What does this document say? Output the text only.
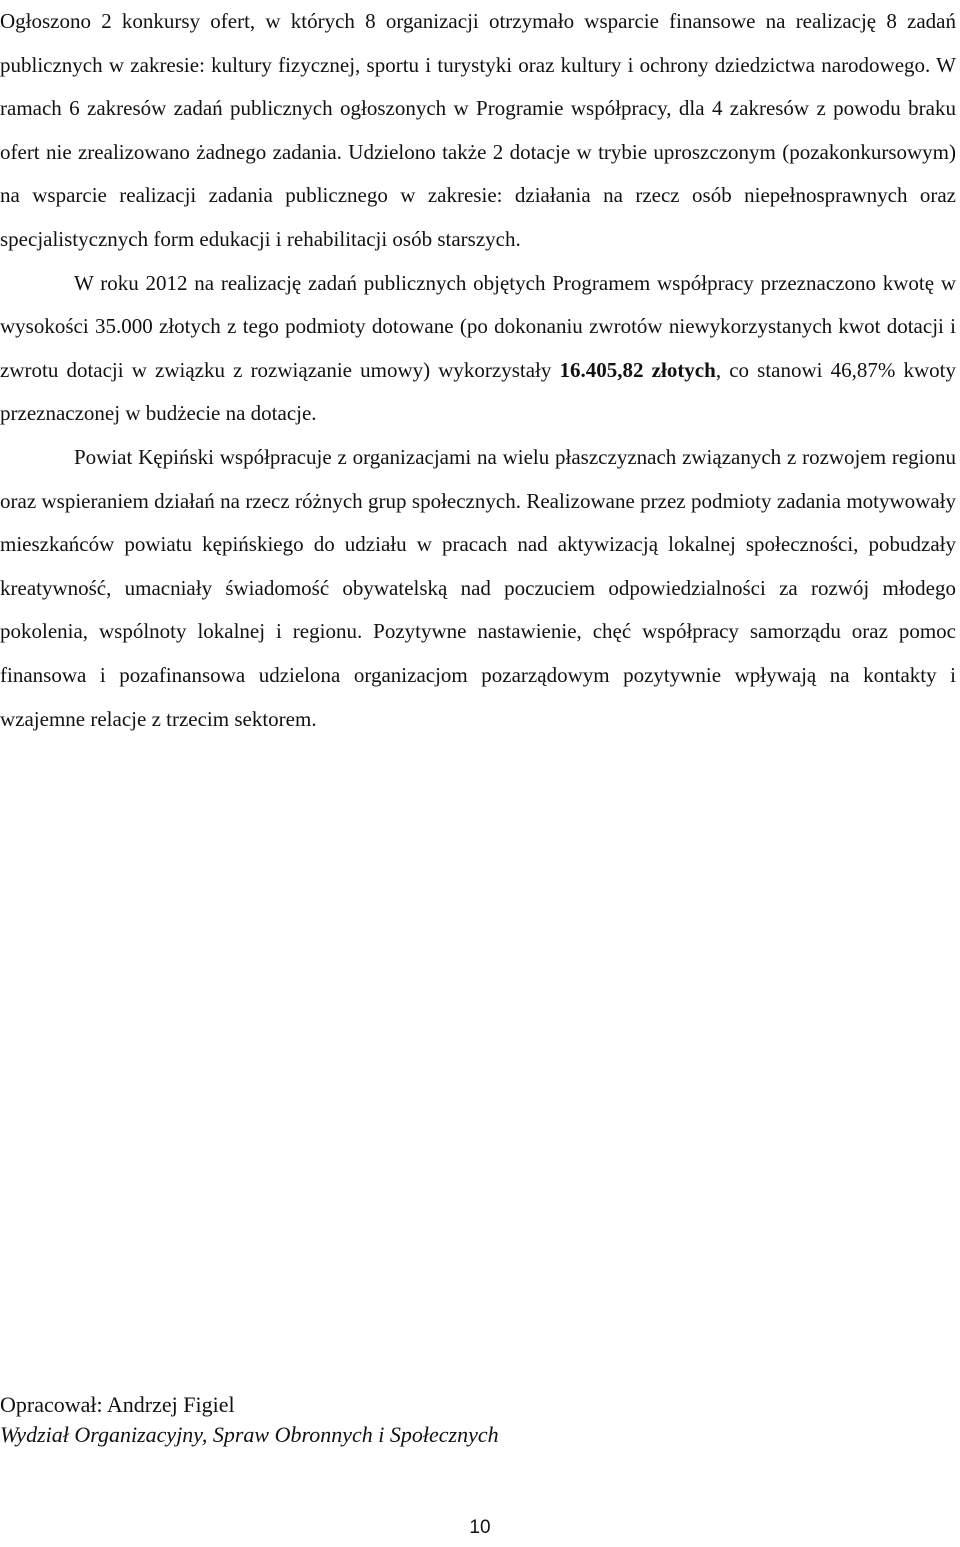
Ogłoszono 2 konkursy ofert, w których 8 organizacji otrzymało wsparcie finansowe na realizację 8 zadań publicznych w zakresie: kultury fizycznej, sportu i turystyki oraz kultury i ochrony dziedzictwa narodowego. W ramach 6 zakresów zadań publicznych ogłoszonych w Programie współpracy, dla 4 zakresów z powodu braku ofert nie zrealizowano żadnego zadania. Udzielono także 2 dotacje w trybie uproszczonym (pozakonkursowym) na wsparcie realizacji zadania publicznego w zakresie: działania na rzecz osób niepełnosprawnych oraz specjalistycznych form edukacji i rehabilitacji osób starszych.

W roku 2012 na realizację zadań publicznych objętych Programem współpracy przeznaczono kwotę w wysokości 35.000 złotych z tego podmioty dotowane (po dokonaniu zwrotów niewykorzystanych kwot dotacji i zwrotu dotacji w związku z rozwiązanie umowy) wykorzystały 16.405,82 złotych, co stanowi 46,87% kwoty przeznaczonej w budżecie na dotacje.

Powiat Kępiński współpracuje z organizacjami na wielu płaszczyznach związanych z rozwojem regionu oraz wspieraniem działań na rzecz różnych grup społecznych. Realizowane przez podmioty zadania motywowały mieszkańców powiatu kępińskiego do udziału w pracach nad aktywizacją lokalnej społeczności, pobudzały kreatywność, umacniały świadomość obywatelską nad poczuciem odpowiedzialności za rozwój młodego pokolenia, wspólnoty lokalnej i regionu. Pozytywne nastawienie, chęć współpracy samorządu oraz pomoc finansowa i pozafinansowa udzielona organizacjom pozarządowym pozytywnie wpływają na kontakty i wzajemne relacje z trzecim sektorem.

Opracował: Andrzej Figiel
Wydział Organizacyjny, Spraw Obronnych i Społecznych
10
